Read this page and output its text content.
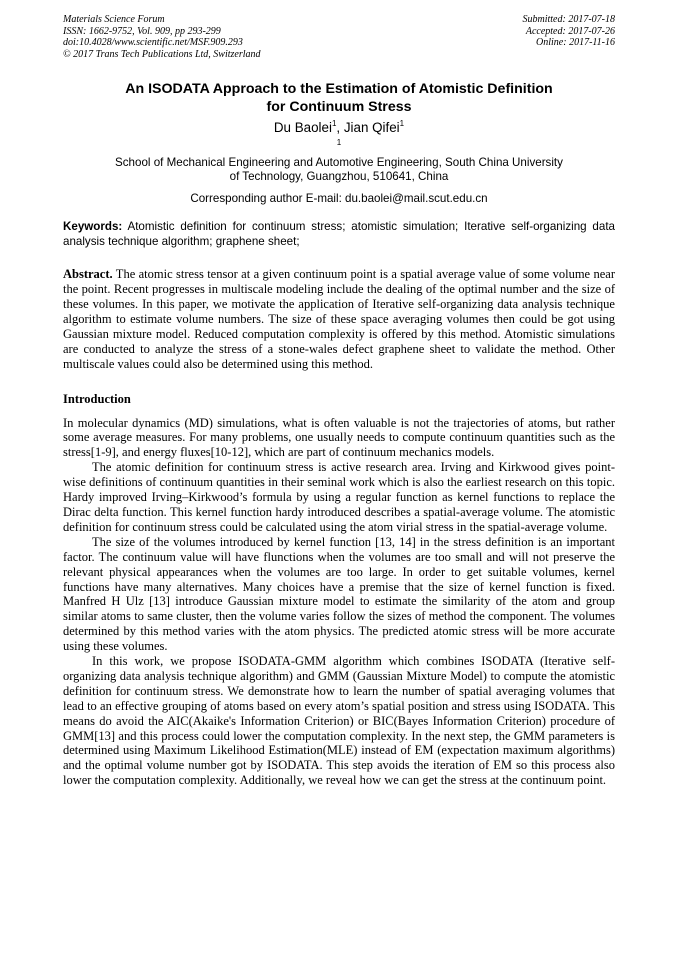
Materials Science Forum
ISSN: 1662-9752, Vol. 909, pp 293-299
doi:10.4028/www.scientific.net/MSF.909.293
© 2017 Trans Tech Publications Ltd, Switzerland
Submitted: 2017-07-18
Accepted: 2017-07-26
Online: 2017-11-16
An ISODATA Approach to the Estimation of Atomistic Definition
for Continuum Stress
Du Baolei$^1$, Jian Qifei$^1$
$^1$
School of Mechanical Engineering and Automotive Engineering, South China University
of Technology, Guangzhou, 510641, China
Corresponding author E-mail: du.baolei@mail.scut.edu.cn
Keywords: Atomistic definition for continuum stress; atomistic simulation; Iterative self-organizing data analysis technique algorithm; graphene sheet;
Abstract. The atomic stress tensor at a given continuum point is a spatial average value of some volume near the point. Recent progresses in multiscale modeling include the dealing of the optimal number and the size of these volumes. In this paper, we motivate the application of Iterative self-organizing data analysis technique algorithm to estimate volume numbers. The size of these space averaging volumes then could be got using Gaussian mixture model. Reduced computation complexity is offered by this method. Atomistic simulations are conducted to analyze the stress of a stone-wales defect graphene sheet to validate the method. Other multiscale values could also be determined using this method.
Introduction
In molecular dynamics (MD) simulations, what is often valuable is not the trajectories of atoms, but rather some average measures. For many problems, one usually needs to compute continuum quantities such as the stress[1-9], and energy fluxes[10-12], which are part of continuum mechanics models.
The atomic definition for continuum stress is active research area. Irving and Kirkwood gives point-wise definitions of continuum quantities in their seminal work which is also the earliest research on this topic. Hardy improved Irving–Kirkwood’s formula by using a regular function as kernel functions to replace the Dirac delta function. This kernel function hardy introduced describes a spatial-average volume. The atomistic definition for continuum stress could be calculated using the atom virial stress in the spatial-average volume.
The size of the volumes introduced by kernel function [13, 14] in the stress definition is an important factor. The continuum value will have flunctions when the volumes are too small and will not preserve the relevant physical appearances when the volumes are too large. In order to get suitable volumes, kernel functions have many alternatives. Many choices have a premise that the size of kernel function is fixed. Manfred H Ulz [13] introduce Gaussian mixture model to estimate the similarity of the atom and group similar atoms to same cluster, then the volume varies follow the sizes of method the component. The volumes determined by this method varies with the atom physics. The predicted atomic stress will be more accurate using these volumes.
In this work, we propose ISODATA-GMM algorithm which combines ISODATA (Iterative self-organizing data analysis technique algorithm) and GMM (Gaussian Mixture Model) to compute the atomistic definition for continuum stress. We demonstrate how to learn the number of spatial averaging volumes that lead to an effective grouping of atoms based on every atom’s spatial position and stress using ISODATA. This means do avoid the AIC(Akaike's Information Criterion) or BIC(Bayes Information Criterion) procedure of GMM[13] and this process could lower the computation complexity. In the next step, the GMM parameters is determined using Maximum Likelihood Estimation(MLE) instead of EM (expectation maximum algorithms) and the optimal volume number got by ISODATA. This step avoids the iteration of EM so this process also lower the computation complexity. Additionally, we reveal how we can get the stress at the continuum point.
